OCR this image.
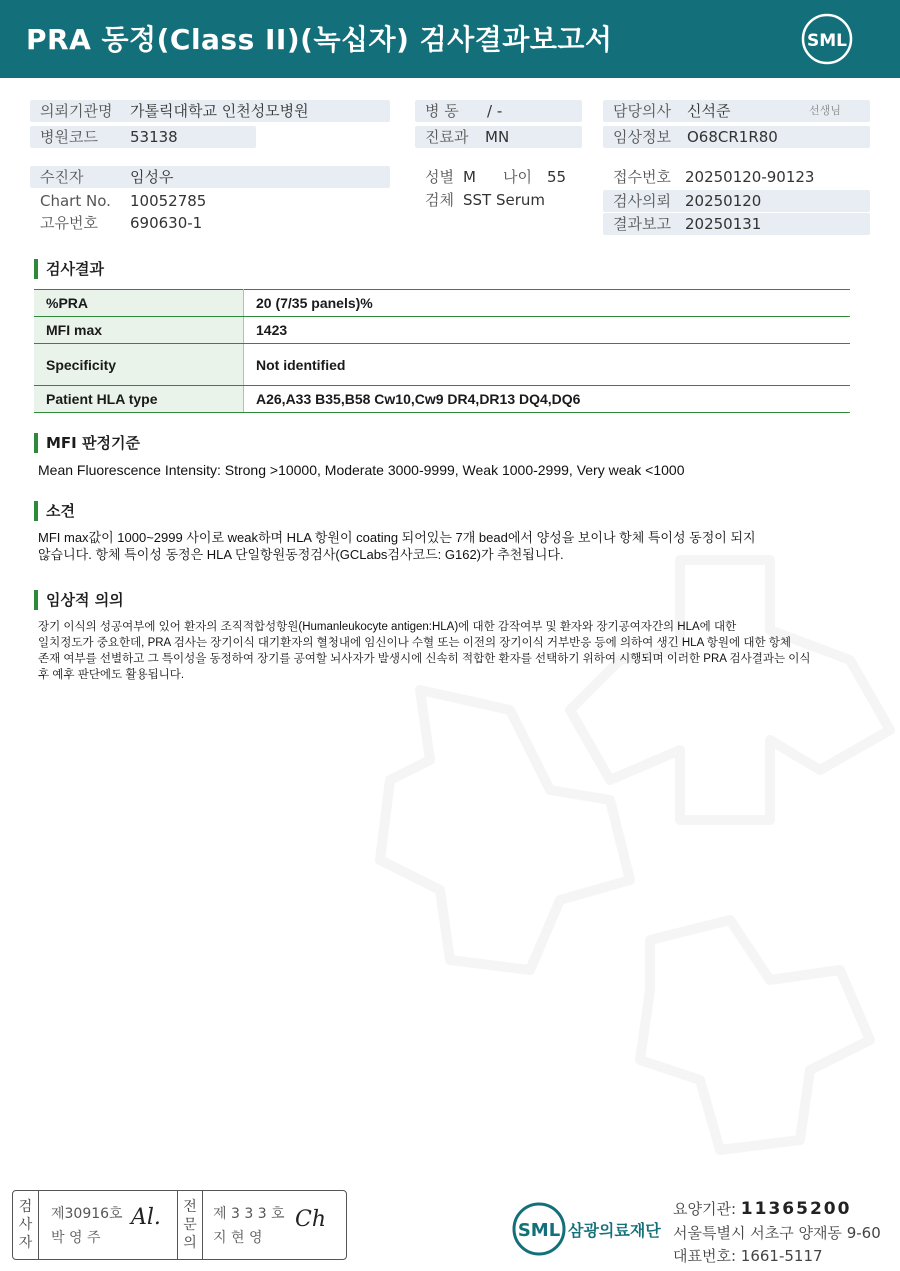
PRA 동정(Class II)(녹십자) 검사결과보고서	SML
의뢰기관명 가톨릭대학교 인천성모병원	병 동 / -	담당의사 신석준	선생님
병원코드 53138	진료과 MN	임상정보 O68CR1R80
수진자	임성우	성별 M 나이 55	접수번호 20250120-90123
Chart No. 10052785	검체 SST Serum	검사의뢰 20250120
고유번호 690630-1	결과보고 20250131
검사결과
%PRA	20 (7/35 panels)%
MFI max	1423
Specificity	Not identified
Patient HLA type	A26,A33 B35,B58 Cw10,Cw9 DR4,DR13 DQ4,DQ6
MFI 판정기준
Mean Fluorescence Intensity: Strong >10000, Moderate 3000-9999, Weak 1000-2999, Very weak <1000
소견
MFI max값이 1000~2999 사이로 weak하며 HLA 항원이 coating 되어있는 7개 bead에서 양성을 보이나 항체 특이성 동정이 되지
않습니다. 항체 특이성 동정은 HLA 단일항원동정검사(GCLabs검사코드: G162)가 추천됩니다.
임상적 의의
장기 이식의 성공여부에 있어 환자의 조직적합성항원(Humanleukocyte antigen:HLA)에 대한 감작여부 및 환자와 장기공여자간의 HLA에 대한
일치정도가 중요한데, PRA 검사는 장기이식 대기환자의 혈청내에 임신이나 수혈 또는 이전의 장기이식 거부반응 등에 의하여 생긴 HLA 항원에 대한 항체
존재 여부를 선별하고 그 특이성을 동정하여 장기를 공여할 뇌사자가 발생시에 신속히 적합한 환자를 선택하기 위하여 시행되며 이러한 PRA 검사결과는 이식
후 예후 판단에도 활용됩니다.
검
사
자
제30916호
박 영 주
Al.	전
문
의
제 3 3 3 호
지 현 영
Ch	SML 삼광의료재단
요양기관: 11365200
서울특별시 서초구 양재동 9-60
대표번호: 1661-5117
